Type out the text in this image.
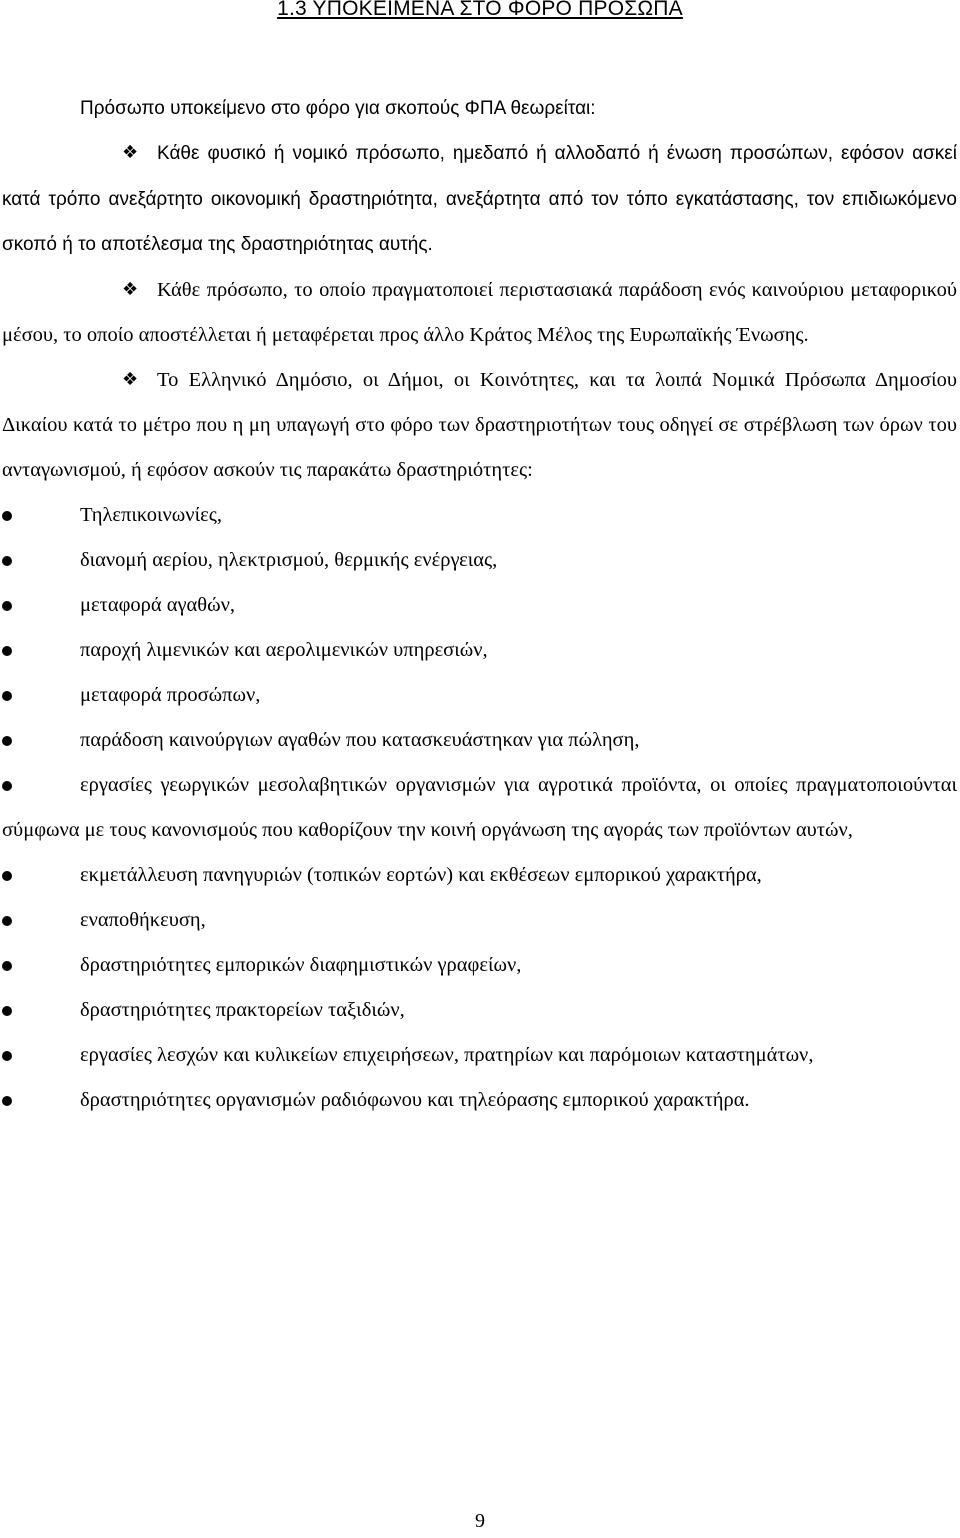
1.3 ΥΠΟΚΕΙΜΕΝΑ ΣΤΟ ΦΟΡΟ ΠΡΟΣΩΠΑ

Πρόσωπο υποκείμενο στο φόρο για σκοπούς ΦΠΑ θεωρείται:

❖ Κάθε φυσικό ή νομικό πρόσωπο, ημεδαπό ή αλλοδαπό ή ένωση προσώπων, εφόσον ασκεί κατά τρόπο ανεξάρτητο οικονομική δραστηριότητα, ανεξάρτητα από τον τόπο εγκατάστασης, τον επιδιωκόμενο σκοπό ή το αποτέλεσμα της δραστηριότητας αυτής.

❖ Κάθε πρόσωπο, το οποίο πραγματοποιεί περιστασιακά παράδοση ενός καινούριου μεταφορικού μέσου, το οποίο αποστέλλεται ή μεταφέρεται προς άλλο Κράτος Μέλος της Ευρωπαϊκής Ένωσης.

❖ Το Ελληνικό Δημόσιο, οι Δήμοι, οι Κοινότητες, και τα λοιπά Νομικά Πρόσωπα Δημοσίου Δικαίου κατά το μέτρο που η μη υπαγωγή στο φόρο των δραστηριοτήτων τους οδηγεί σε στρέβλωση των όρων του ανταγωνισμού, ή εφόσον ασκούν τις παρακάτω δραστηριότητες:

Τηλεπικοινωνίες,

διανομή αερίου, ηλεκτρισμού, θερμικής ενέργειας,

μεταφορά αγαθών,

παροχή λιμενικών και αερολιμενικών υπηρεσιών,

μεταφορά προσώπων,

παράδοση καινούργιων αγαθών που κατασκευάστηκαν για πώληση,

εργασίες γεωργικών μεσολαβητικών οργανισμών για αγροτικά προϊόντα, οι οποίες πραγματοποιούνται σύμφωνα με τους κανονισμούς που καθορίζουν την κοινή οργάνωση της αγοράς των προϊόντων αυτών,

εκμετάλλευση πανηγυριών (τοπικών εορτών) και εκθέσεων εμπορικού χαρακτήρα,

εναποθήκευση,

δραστηριότητες εμπορικών διαφημιστικών γραφείων,

δραστηριότητες πρακτορείων ταξιδιών,

εργασίες λεσχών και κυλικείων επιχειρήσεων, πρατηρίων και παρόμοιων καταστημάτων,

δραστηριότητες οργανισμών ραδιόφωνου και τηλεόρασης εμπορικού χαρακτήρα.

9
